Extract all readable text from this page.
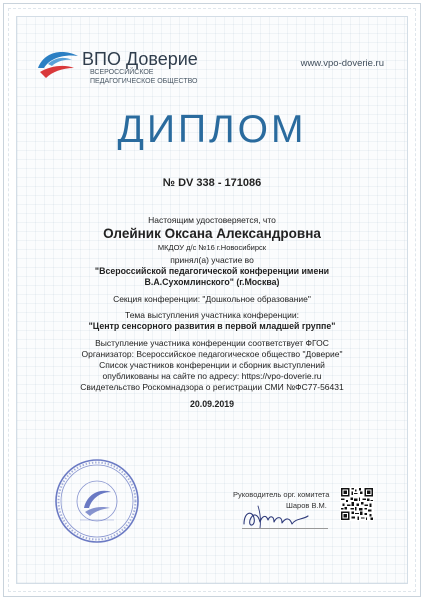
ВПО Доверие
ВСЕРОССИЙСКОЕ ПЕДАГОГИЧЕСКОЕ ОБЩЕСТВО
www.vpo-doverie.ru
ДИПЛОМ
№ DV 338 - 171086
Настоящим удостоверяется, что
Олейник Оксана Александровна
МКДОУ д/с №16 г.Новосибирск
принял(а) участие во
"Всероссийской педагогической конференции имени
В.А.Сухомлинского" (г.Москва)
Секция конференции: "Дошкольное образование"
Тема выступления участника конференции:
"Центр сенсорного развития в первой младшей группе"
Выступление участника конференции соответствует ФГОС
Организатор: Всероссийское педагогическое общество "Доверие"
Список участников конференции и сборник выступлений
опубликованы на сайте по адресу: https://vpo-doverie.ru
Свидетельство Роскомнадзора о регистрации СМИ №ФС77-56431
20.09.2019
Руководитель орг. комитета
Шаров В.М.
